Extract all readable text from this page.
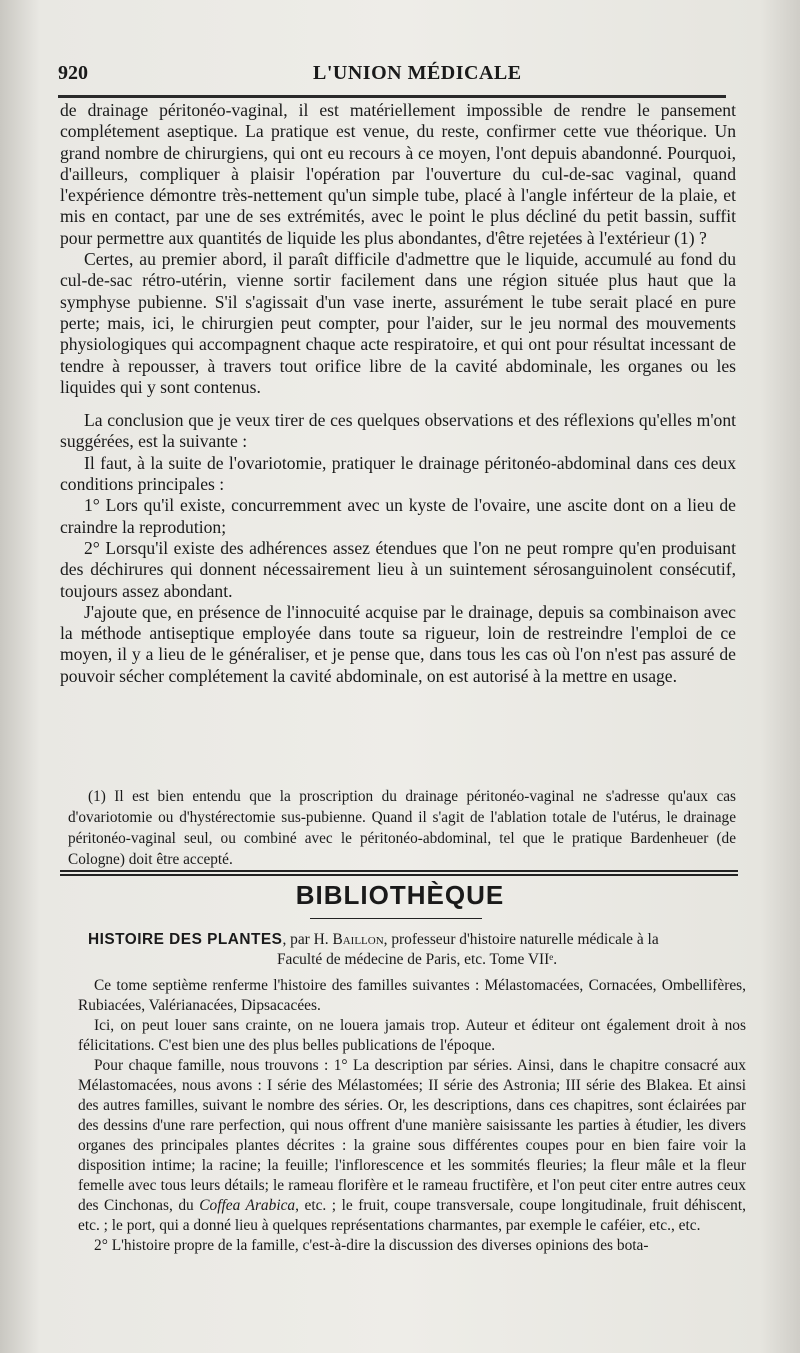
920	L'UNION MÉDICALE

de drainage péritonéo-vaginal, il est matériellement impossible de rendre le pansement complétement aseptique. La pratique est venue, du reste, confirmer cette vue théorique. Un grand nombre de chirurgiens, qui ont eu recours à ce moyen, l'ont depuis abandonné. Pourquoi, d'ailleurs, compliquer à plaisir l'opération par l'ouverture du cul-de-sac vaginal, quand l'expérience démontre très-nettement qu'un simple tube, placé à l'angle inférteur de la plaie, et mis en contact, par une de ses extrémités, avec le point le plus décliné du petit bassin, suffit pour permettre aux quantités de liquide les plus abondantes, d'être rejetées à l'extérieur (1) ?

Certes, au premier abord, il paraît difficile d'admettre que le liquide, accumulé au fond du cul-de-sac rétro-utérin, vienne sortir facilement dans une région située plus haut que la symphyse pubienne. S'il s'agissait d'un vase inerte, assurément le tube serait placé en pure perte; mais, ici, le chirurgien peut compter, pour l'aider, sur le jeu normal des mouvements physiologiques qui accompagnent chaque acte respiratoire, et qui ont pour résultat incessant de tendre à repousser, à travers tout orifice libre de la cavité abdominale, les organes ou les liquides qui y sont contenus.

La conclusion que je veux tirer de ces quelques observations et des réflexions qu'elles m'ont suggérées, est la suivante :

Il faut, à la suite de l'ovariotomie, pratiquer le drainage péritonéo-abdominal dans ces deux conditions principales :

1° Lors qu'il existe, concurremment avec un kyste de l'ovaire, une ascite dont on a lieu de craindre la reprodution;

2° Lorsqu'il existe des adhérences assez étendues que l'on ne peut rompre qu'en produisant des déchirures qui donnent nécessairement lieu à un suintement sérosanguinolent consécutif, toujours assez abondant.

J'ajoute que, en présence de l'innocuité acquise par le drainage, depuis sa combinaison avec la méthode antiseptique employée dans toute sa rigueur, loin de restreindre l'emploi de ce moyen, il y a lieu de le généraliser, et je pense que, dans tous les cas où l'on n'est pas assuré de pouvoir sécher complétement la cavité abdominale, on est autorisé à la mettre en usage.

(1) Il est bien entendu que la proscription du drainage péritonéo-vaginal ne s'adresse qu'aux cas d'ovariotomie ou d'hystérectomie sus-pubienne. Quand il s'agit de l'ablation totale de l'utérus, le drainage péritonéo-vaginal seul, ou combiné avec le péritonéo-abdominal, tel que le pratique Bardenheuer (de Cologne) doit être accepté.

BIBLIOTHÈQUE

HISTOIRE DES PLANTES, par H. Baillon, professeur d'histoire naturelle médicale à la
Faculté de médecine de Paris, etc. Tome VIIᵉ.

Ce tome septième renferme l'histoire des familles suivantes : Mélastomacées, Cornacées, Ombellifères, Rubiacées, Valérianacées, Dipsacacées.

Ici, on peut louer sans crainte, on ne louera jamais trop. Auteur et éditeur ont également droit à nos félicitations. C'est bien une des plus belles publications de l'époque.

Pour chaque famille, nous trouvons : 1° La description par séries. Ainsi, dans le chapitre consacré aux Mélastomacées, nous avons : I série des Mélastomées; II série des Astronia; III série des Blakea. Et ainsi des autres familles, suivant le nombre des séries. Or, les descriptions, dans ces chapitres, sont éclairées par des dessins d'une rare perfection, qui nous offrent d'une manière saisissante les parties à étudier, les divers organes des principales plantes décrites : la graine sous différentes coupes pour en bien faire voir la disposition intime; la racine; la feuille; l'inflorescence et les sommités fleuries; la fleur mâle et la fleur femelle avec tous leurs détails; le rameau florifère et le rameau fructifère, et l'on peut citer entre autres ceux des Cinchonas, du Coffea Arabica, etc. ; le fruit, coupe transversale, coupe longitudinale, fruit déhiscent, etc. ; le port, qui a donné lieu à quelques représentations charmantes, par exemple le caféier, etc., etc.

2° L'histoire propre de la famille, c'est-à-dire la discussion des diverses opinions des bota-
